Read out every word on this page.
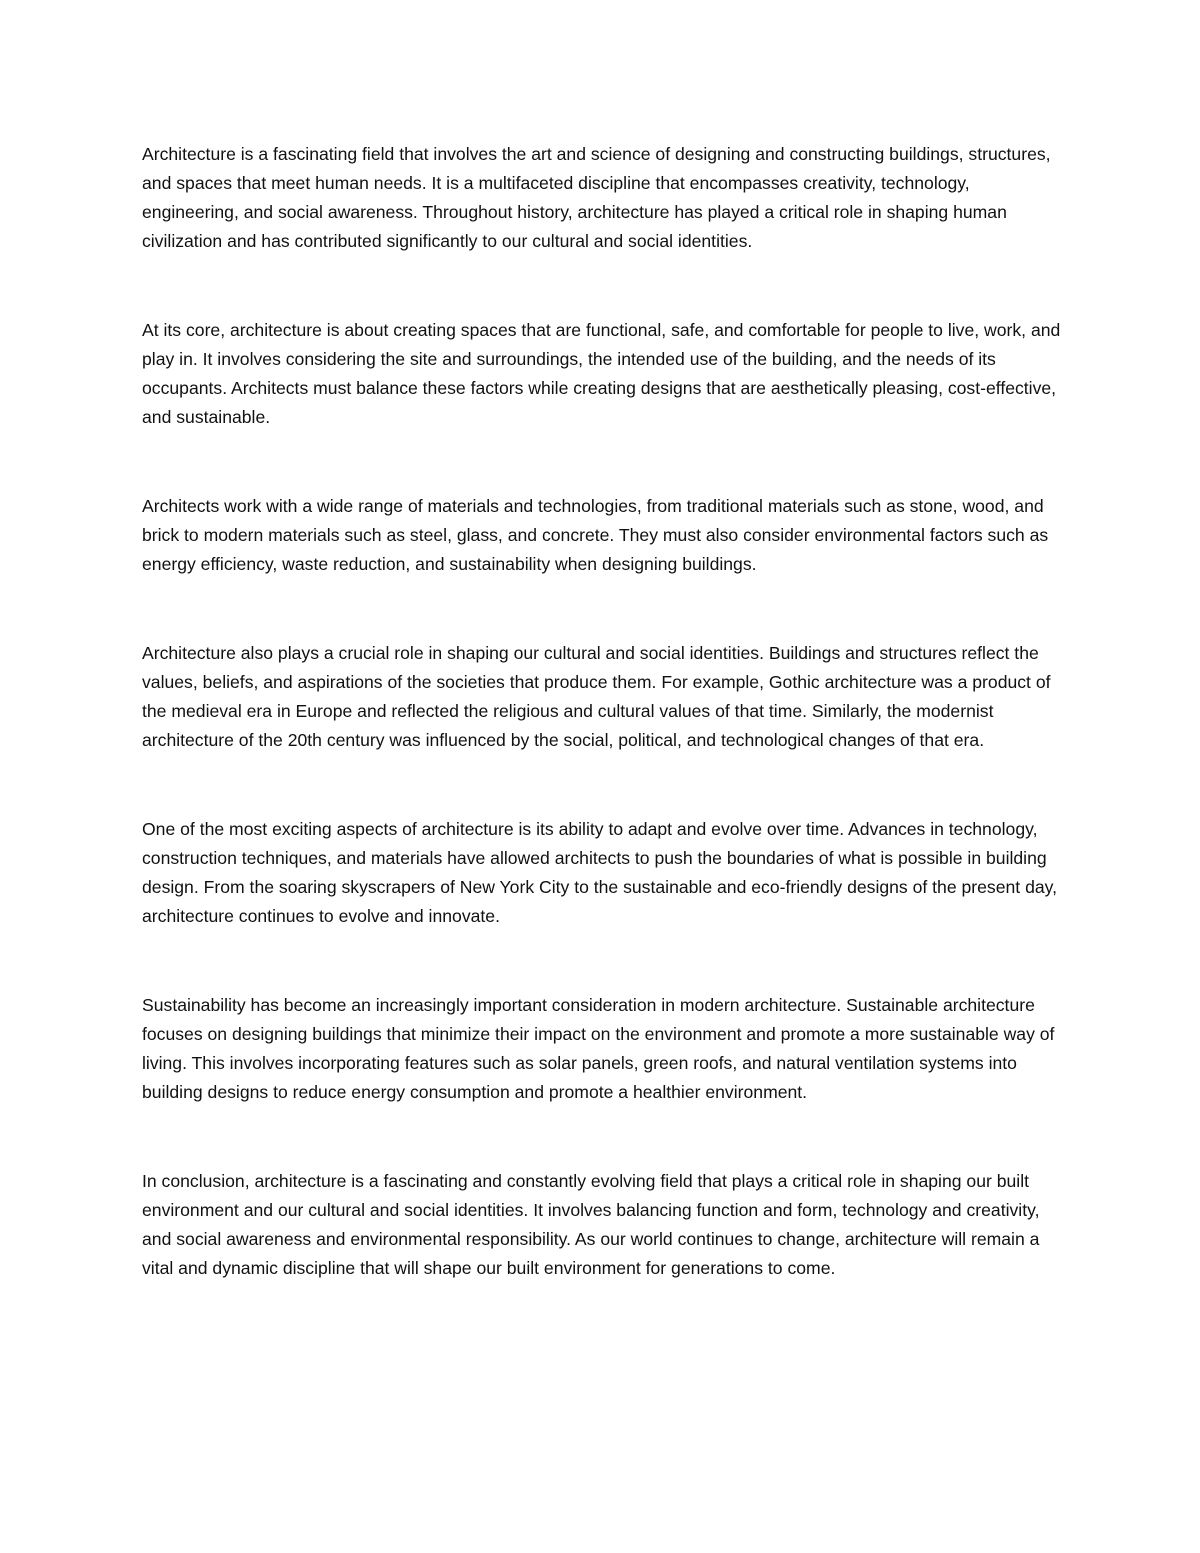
Architecture is a fascinating field that involves the art and science of designing and constructing buildings, structures, and spaces that meet human needs. It is a multifaceted discipline that encompasses creativity, technology, engineering, and social awareness. Throughout history, architecture has played a critical role in shaping human civilization and has contributed significantly to our cultural and social identities.

At its core, architecture is about creating spaces that are functional, safe, and comfortable for people to live, work, and play in. It involves considering the site and surroundings, the intended use of the building, and the needs of its occupants. Architects must balance these factors while creating designs that are aesthetically pleasing, cost-effective, and sustainable.

Architects work with a wide range of materials and technologies, from traditional materials such as stone, wood, and brick to modern materials such as steel, glass, and concrete. They must also consider environmental factors such as energy efficiency, waste reduction, and sustainability when designing buildings.

Architecture also plays a crucial role in shaping our cultural and social identities. Buildings and structures reflect the values, beliefs, and aspirations of the societies that produce them. For example, Gothic architecture was a product of the medieval era in Europe and reflected the religious and cultural values of that time. Similarly, the modernist architecture of the 20th century was influenced by the social, political, and technological changes of that era.

One of the most exciting aspects of architecture is its ability to adapt and evolve over time. Advances in technology, construction techniques, and materials have allowed architects to push the boundaries of what is possible in building design. From the soaring skyscrapers of New York City to the sustainable and eco-friendly designs of the present day, architecture continues to evolve and innovate.

Sustainability has become an increasingly important consideration in modern architecture. Sustainable architecture focuses on designing buildings that minimize their impact on the environment and promote a more sustainable way of living. This involves incorporating features such as solar panels, green roofs, and natural ventilation systems into building designs to reduce energy consumption and promote a healthier environment.

In conclusion, architecture is a fascinating and constantly evolving field that plays a critical role in shaping our built environment and our cultural and social identities. It involves balancing function and form, technology and creativity, and social awareness and environmental responsibility. As our world continues to change, architecture will remain a vital and dynamic discipline that will shape our built environment for generations to come.
